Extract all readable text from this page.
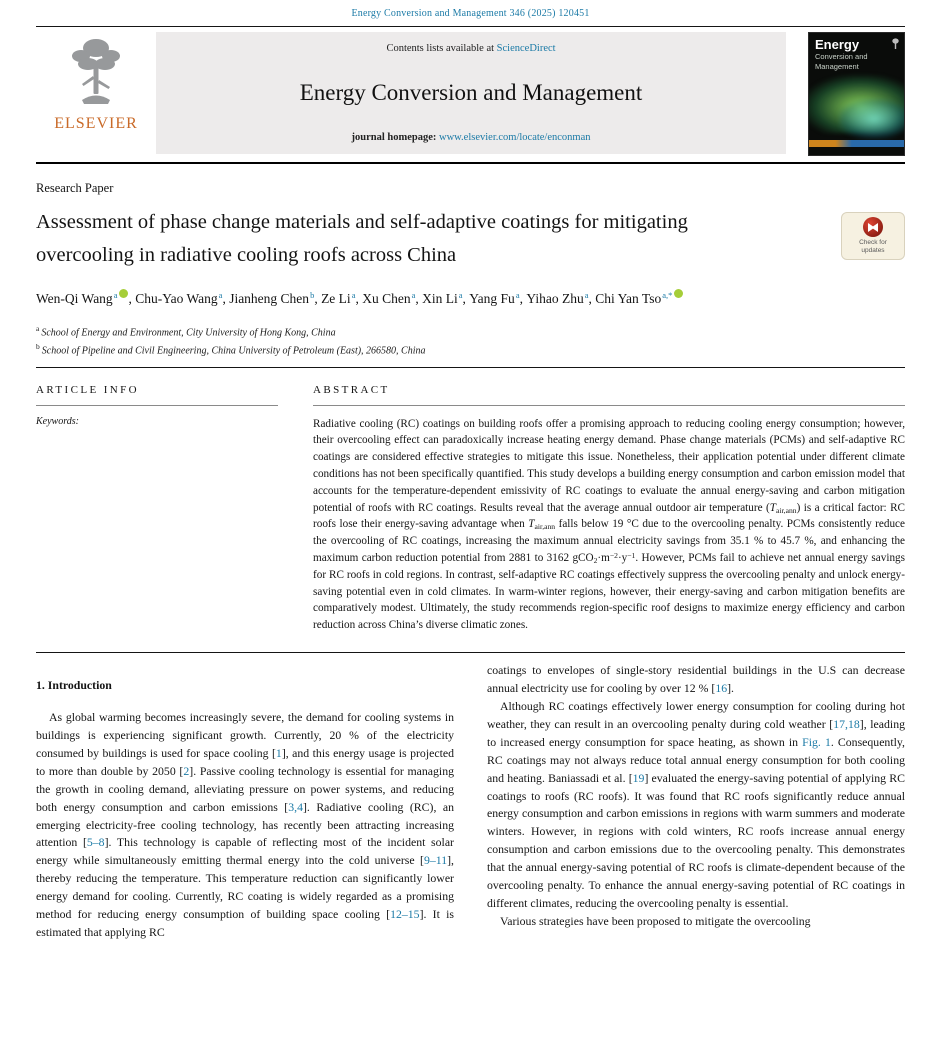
Energy Conversion and Management 346 (2025) 120451
ELSEVIER
Contents lists available at ScienceDirect
Energy Conversion and Management
journal homepage: www.elsevier.com/locate/enconman
Energy
Conversion and
Management
Research Paper
Assessment of phase change materials and self-adaptive coatings for mitigating overcooling in radiative cooling roofs across China
Check for
updates
Wen-Qi Wang$^a$ , Chu-Yao Wang$^a$, Jianheng Chen$^b$, Ze Li$^a$, Xu Chen$^a$, Xin Li$^a$, Yang Fu$^a$, Yihao Zhu$^a$, Chi Yan Tso$^{a,*}$
$^a$ School of Energy and Environment, City University of Hong Kong, China
$^b$ School of Pipeline and Civil Engineering, China University of Petroleum (East), 266580, China
ARTICLE INFO
Keywords:
ABSTRACT
Radiative cooling (RC) coatings on building roofs offer a promising approach to reducing cooling energy consumption; however, their overcooling effect can paradoxically increase heating energy demand. Phase change materials (PCMs) and self-adaptive RC coatings are considered effective strategies to mitigate this issue. Nonetheless, their application potential under different climate conditions has not been specifically quantified. This study develops a building energy consumption and carbon emission model that accounts for the temperature-dependent emissivity of RC coatings to evaluate the annual energy-saving and carbon mitigation potential of roofs with RC coatings. Results reveal that the average annual outdoor air temperature (Tair,ann) is a critical factor: RC roofs lose their energy-saving advantage when Tair,ann falls below 19 °C due to the overcooling penalty. PCMs consistently reduce the overcooling of RC coatings, increasing the maximum annual electricity savings from 35.1 % to 45.7 %, and enhancing the maximum carbon reduction potential from 2881 to 3162 $gCO2\cdot m^{-2}\cdot y^{-1}$. However, PCMs fail to achieve net annual energy savings for RC roofs in cold regions. In contrast, self-adaptive RC coatings effectively suppress the overcooling penalty and unlock energy-saving potential even in cold climates. In warm-winter regions, however, their energy-saving and carbon mitigation benefits are comparatively modest. Ultimately, the study recommends region-specific roof designs to maximize energy efficiency and carbon reduction across China’s diverse climatic zones.
1. Introduction

As global warming becomes increasingly severe, the demand for cooling systems in buildings is experiencing significant growth. Currently, 20 % of the electricity consumed by buildings is used for space cooling [1], and this energy usage is projected to more than double by 2050 [2]. Passive cooling technology is essential for managing the growth in cooling demand, alleviating pressure on power systems, and reducing both energy consumption and carbon emissions [3,4]. Radiative cooling (RC), an emerging electricity-free cooling technology, has recently been attracting increasing attention [5–8]. This technology is capable of reflecting most of the incident solar energy while simultaneously emitting thermal energy into the cold universe [9–11], thereby reducing the temperature. This temperature reduction can significantly lower energy demand for cooling. Currently, RC coating is widely regarded as a promising method for reducing energy consumption of building space cooling [12–15]. It is estimated that applying RC

coatings to envelopes of single-story residential buildings in the U.S can decrease annual electricity use for cooling by over 12 % [16].

Although RC coatings effectively lower energy consumption for cooling during hot weather, they can result in an overcooling penalty during cold weather [17,18], leading to increased energy consumption for space heating, as shown in Fig. 1. Consequently, RC coatings may not always reduce total annual energy consumption for both cooling and heating. Baniassadi et al. [19] evaluated the energy-saving potential of applying RC coatings to roofs (RC roofs). It was found that RC roofs significantly reduce annual energy consumption and carbon emissions in regions with warm summers and moderate winters. However, in regions with cold winters, RC roofs increase annual energy consumption and carbon emissions due to the overcooling penalty. This demonstrates that the annual energy-saving potential of RC roofs is climate-dependent because of the overcooling penalty. To enhance the annual energy-saving potential of RC coatings in different climates, reducing the overcooling penalty is essential.

Various strategies have been proposed to mitigate the overcooling
